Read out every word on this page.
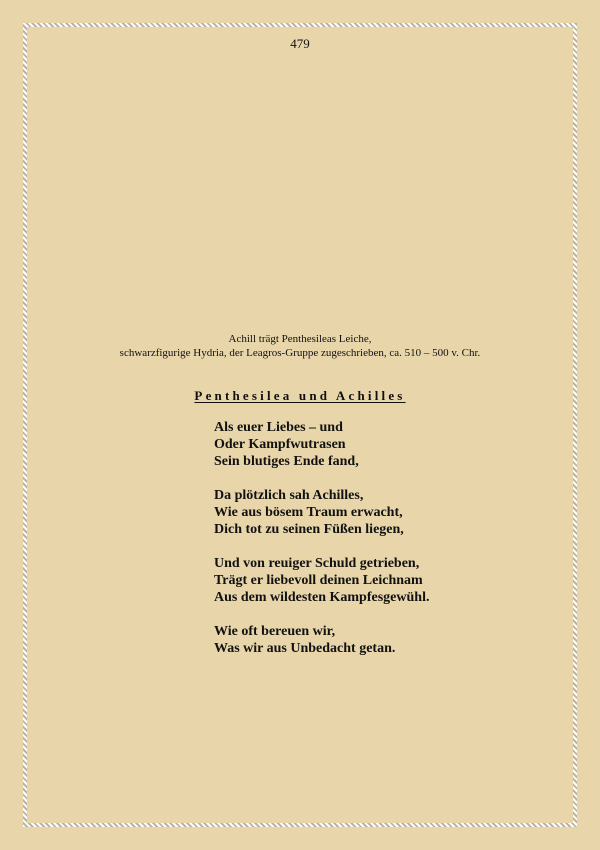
479
Achill trägt Penthesileas Leiche,
schwarzfigurige Hydria, der Leagros-Gruppe zugeschrieben, ca. 510 – 500 v. Chr.
Penthesilea und Achilles
Als euer Liebes – und
Oder Kampfwutrasen
Sein blutiges Ende fand,
Da plötzlich sah Achilles,
Wie aus bösem Traum erwacht,
Dich tot zu seinen Füßen liegen,
Und von reuiger Schuld getrieben,
Trägt er liebevoll deinen Leichnam
Aus dem wildesten Kampfesgewühl.
Wie oft bereuen wir,
Was wir aus Unbedacht getan.
